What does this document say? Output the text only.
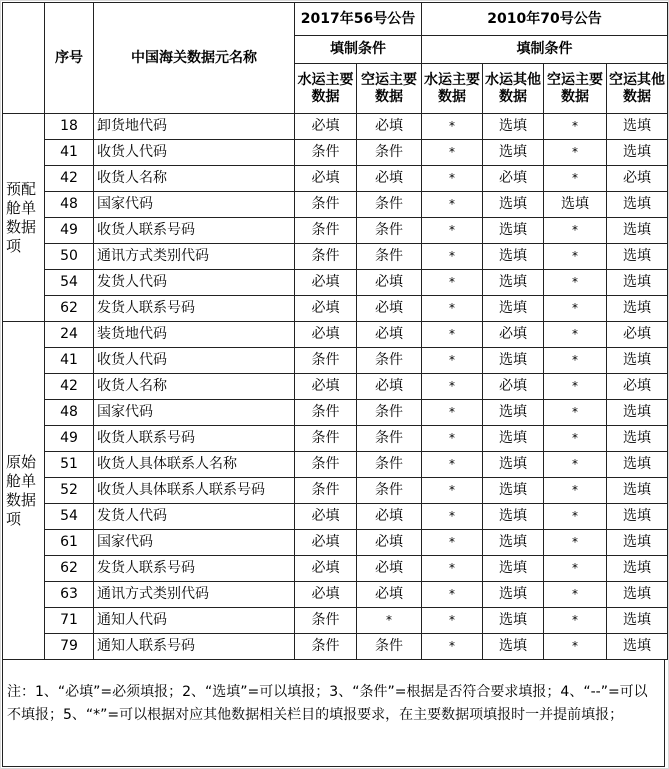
	序号	中国海关数据元名称	2017年56号公告		2010年70号公告			
			填制条件		填制条件			
			水运主要数据	空运主要数据	水运主要数据	水运其他数据	空运主要数据	空运其他数据
预配舱单数据项	18	卸货地代码	必填	必填	*	选填	*	选填
	41	收货人代码	条件	条件	*	选填	*	选填
	42	收货人名称	必填	必填	*	必填	*	必填
	48	国家代码	条件	条件	*	选填	选填	选填
	49	收货人联系号码	条件	条件	*	选填	*	选填
	50	通讯方式类别代码	条件	条件	*	选填	*	选填
	54	发货人代码	必填	必填	*	选填	*	选填
	62	发货人联系号码	必填	必填	*	选填	*	选填
原始舱单数据项	24	装货地代码	必填	必填	*	必填	*	必填
	41	收货人代码	条件	条件	*	选填	*	选填
	42	收货人名称	必填	必填	*	必填	*	必填
	48	国家代码	条件	条件	*	选填	*	选填
	49	收货人联系号码	条件	条件	*	选填	*	选填
	51	收货人具体联系人名称	条件	条件	*	选填	*	选填
	52	收货人具体联系人联系号码	条件	条件	*	选填	*	选填
	54	发货人代码	必填	必填	*	选填	*	选填
	61	国家代码	必填	必填	*	选填	*	选填
	62	发货人联系号码	必填	必填	*	选填	*	选填
	63	通讯方式类别代码	必填	必填	*	选填	*	选填
	71	通知人代码	条件	*	*	选填	*	选填
	79	通知人联系号码	条件	条件	*	选填	*	选填
注：1、“必填”=必须填报；2、“选填”=可以填报；3、“条件”=根据是否符合要求填报；4、“--”=可以不填报；5、“*”=可以根据对应其他数据相关栏目的填报要求，在主要数据项填报时一并提前填报；
